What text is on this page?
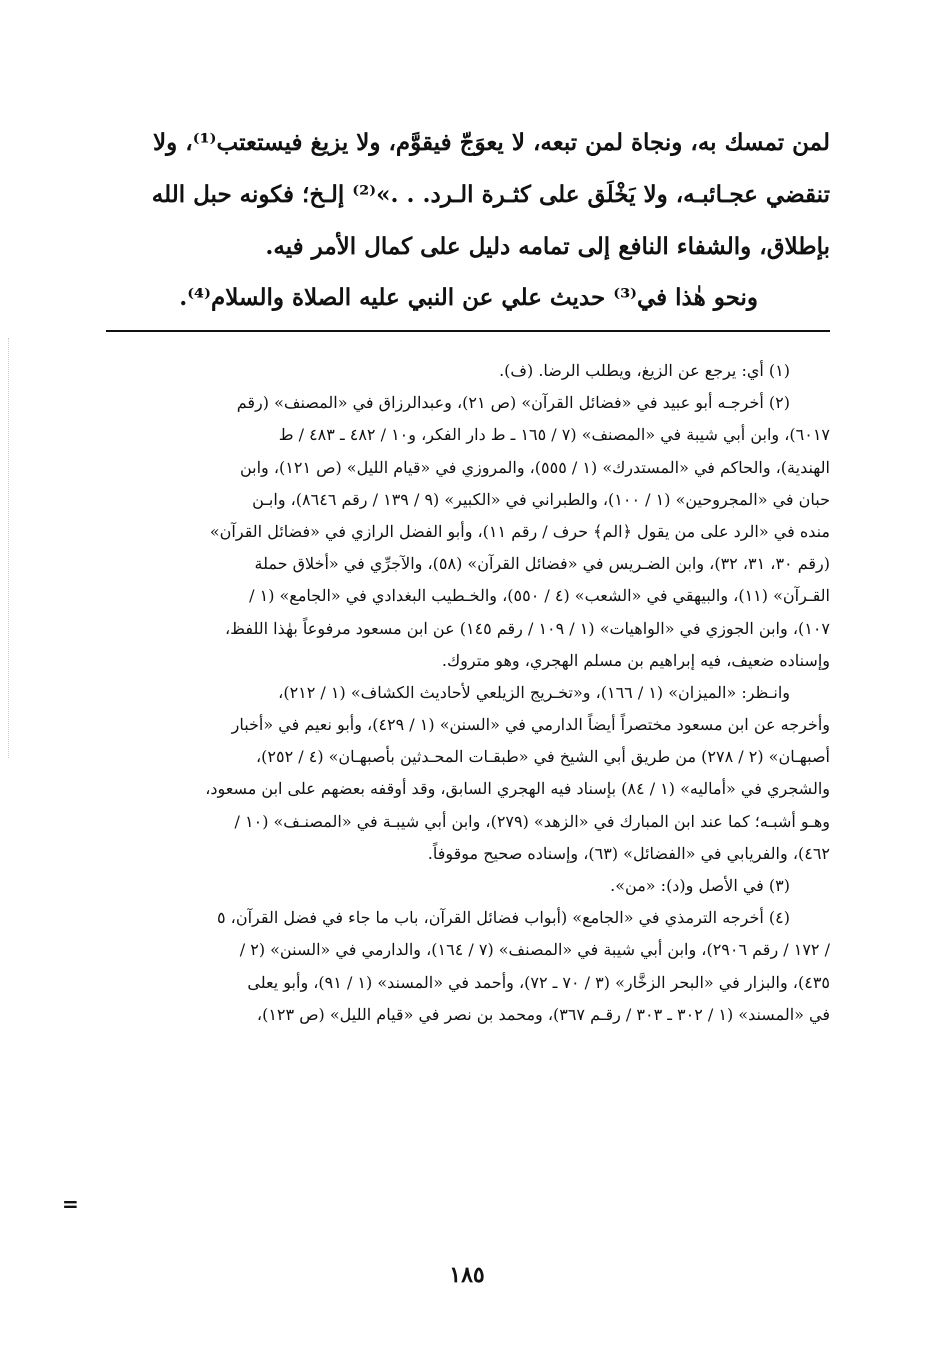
لمن تمسك به، ونجاة لمن تبعه، لا يعوَجّ فيقوَّم، ولا يزيغ فيستعتب⁽¹⁾، ولا
تنقضي عجـائبـه، ولا يَخْلَق على كثـرة الـرد. . .»⁽²⁾ إلـخ؛ فكونه حبل الله
بإطلاق، والشفاء النافع إلى تمامه دليل على كمال الأمر فيه.
ونحو هٰذا في⁽³⁾ حديث علي عن النبي عليه الصلاة والسلام⁽⁴⁾.
(١) أي: يرجع عن الزيغ، ويطلب الرضا. (ف).
(٢) أخرجـه أبو عبيد في «فضائل القرآن» (ص ٢١)، وعبدالرزاق في «المصنف» (رقم
٦٠١٧)، وابن أبي شيبة في «المصنف» (٧ / ١٦٥ ـ ط دار الفكر، و١٠ / ٤٨٢ ـ ٤٨٣ / ط
الهندية)، والحاكم في «المستدرك» (١ / ٥٥٥)، والمروزي في «قيام الليل» (ص ١٢١)، وابن
حبان في «المجروحين» (١ / ١٠٠)، والطبراني في «الكبير» (٩ / ١٣٩ / رقم ٨٦٤٦)، وابـن
منده في «الرد على من يقول ﴿الم﴾ حرف / رقم ١١)، وأبو الفضل الرازي في «فضائل القرآن»
(رقم ٣٠، ٣١، ٣٢)، وابن الضـريس في «فضائل القرآن» (٥٨)، والآجرِّي في «أخلاق حملة
القـرآن» (١١)، والبيهقي في «الشعب» (٤ / ٥٥٠)، والخـطيب البغدادي في «الجامع» (١ /
١٠٧)، وابن الجوزي في «الواهيات» (١ / ١٠٩ / رقم ١٤٥) عن ابن مسعود مرفوعاً بهٰذا اللفظ،
وإسناده ضعيف، فيه إبراهيم بن مسلم الهجري، وهو متروك.
وانـظر: «الميزان» (١ / ١٦٦)، و«تخـريج الزيلعي لأحاديث الكشاف» (١ / ٢١٢)،
وأخرجه عن ابن مسعود مختصراً أيضاً الدارمي في «السنن» (١ / ٤٢٩)، وأبو نعيم في «أخبار
أصبهـان» (٢ / ٢٧٨) من طريق أبي الشيخ في «طبقـات المحـدثين بأصبهـان» (٤ / ٢٥٢)،
والشجري في «أماليه» (١ / ٨٤) بإسناد فيه الهجري السابق، وقد أوقفه بعضهم على ابن مسعود،
وهـو أشبـه؛ كما عند ابن المبارك في «الزهد» (٢٧٩)، وابن أبي شيبـة في «المصنـف» (١٠ /
٤٦٢)، والفريابي في «الفضائل» (٦٣)، وإسناده صحيح موقوفاً.
(٣) في الأصل و(د): «من».
(٤) أخرجه الترمذي في «الجامع» (أبواب فضائل القرآن، باب ما جاء في فضل القرآن، ٥
/ ١٧٢ / رقم ٢٩٠٦)، وابن أبي شيبة في «المصنف» (٧ / ١٦٤)، والدارمي في «السنن» (٢ /
٤٣٥)، والبزار في «البحر الزخَّار» (٣ / ٧٠ ـ ٧٢)، وأحمد في «المسند» (١ / ٩١)، وأبو يعلى
في «المسند» (١ / ٣٠٢ ـ ٣٠٣ / رقـم ٣٦٧)، ومحمد بن نصر في «قيام الليل» (ص ١٢٣)،
=
١٨٥
